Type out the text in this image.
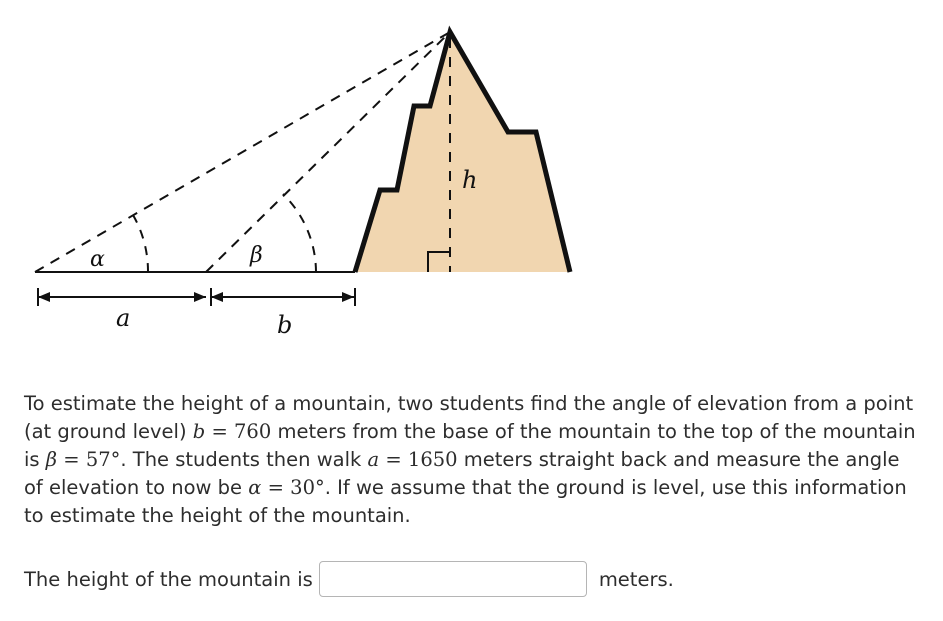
α	β
h
a	b

To estimate the height of a mountain, two students find the angle of elevation from a point (at ground level) b = 760 meters from the base of the mountain to the top of the mountain is β = 57°. The students then walk a = 1650 meters straight back and measure the angle of elevation to now be α = 30°. If we assume that the ground is level, use this information to estimate the height of the mountain.

The height of the mountain is	meters.
